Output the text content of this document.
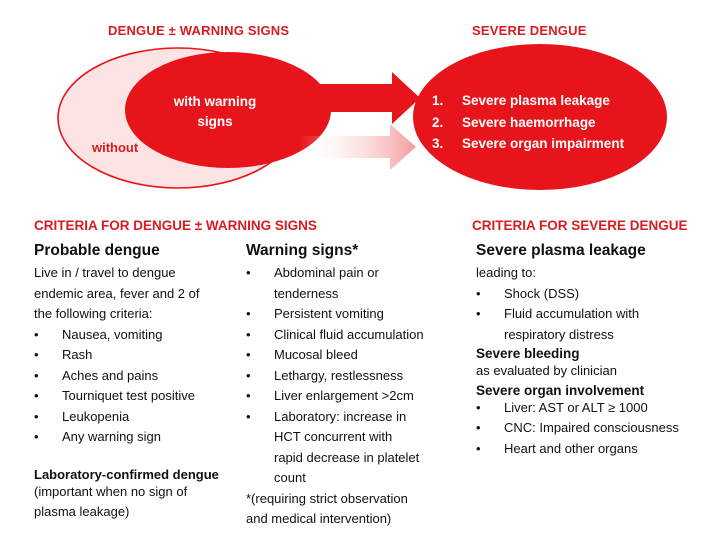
DENGUE ± WARNING SIGNS	SEVERE DENGUE
with warning
signs
without
1. Severe plasma leakage
2. Severe haemorrhage
3. Severe organ impairment
CRITERIA FOR DENGUE ± WARNING SIGNS	CRITERIA FOR SEVERE DENGUE
Probable dengue
Live in / travel to dengue
endemic area, fever and 2 of
the following criteria:
• Nausea, vomiting
• Rash
• Aches and pains
• Tourniquet test positive
• Leukopenia
• Any warning sign
Laboratory-confirmed dengue
(important when no sign of
plasma leakage)
Warning signs*
• Abdominal pain or
tenderness
• Persistent vomiting
• Clinical fluid accumulation
• Mucosal bleed
• Lethargy, restlessness
• Liver enlargement >2cm
• Laboratory: increase in
HCT concurrent with
rapid decrease in platelet
count
*(requiring strict observation
and medical intervention)
Severe plasma leakage
leading to:
• Shock (DSS)
• Fluid accumulation with
respiratory distress
Severe bleeding
as evaluated by clinician
Severe organ involvement
• Liver: AST or ALT ≥ 1000
• CNC: Impaired consciousness
• Heart and other organs
